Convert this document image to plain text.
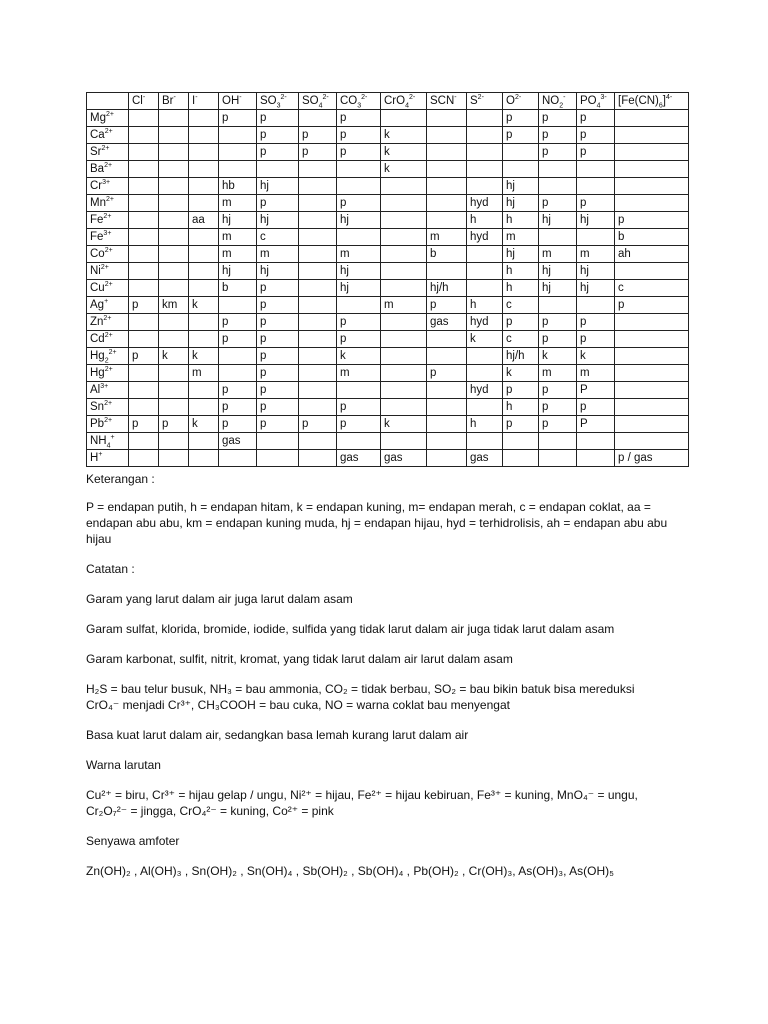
	Cl-	Br-	I-	OH-	$SO_3^{2-}$	$SO_4^{2-}$	$CO_3^{2-}$	CrO$_4^{2-}$	SCN-	$S^{2-}$	$O^{2-}$	$NO_2^-$	$PO_4^{3-}$	$[Fe(CN)_6]^{4-}$
$Mg^{2+}$				p	p		p				p	p	p	
$Ca^{2+}$					p	p	p	k			p	p	p	
$Sr^{2+}$					p	p	p	k				p	p	
$Ba^{2+}$								k						
$Cr^{3+}$				hb	hj						hj			
$Mn^{2+}$				m	p		p			hyd	hj	p	p	
$Fe^{2+}$			aa	hj	hj		hj			h	h	hj	hj	p
$Fe^{3+}$				m	c				m	hyd	m			b
$Co^{2+}$				m	m		m		b		hj	m	m	ah
$Ni^{2+}$				hj	hj		hj				h	hj	hj	
$Cu^{2+}$				b	p		hj		hj/h		h	hj	hj	c
Ag+	p	km	k		p			m	p	h	c			p
$Zn^{2+}$				p	p		p		gas	hyd	p	p	p	
$Cd^{2+}$				p	p		p			k	c	p	p	
$Hg_2^{2+}$	p	k	k		p		k				hj/h	k	k	
$Hg^{2+}$			m		p		m		p		k	m	m	
$Al^{3+}$				p	p					hyd	p	p	P	
$Sn^{2+}$				p	p		p				h	p	p	
$Pb^{2+}$	p	p	k	p	p	p	p	k		h	p	p	P	
$NH_4^+$				gas										
H+							gas	gas		gas				p / gas

Keterangan :

P = endapan putih, h = endapan hitam, k = endapan kuning, m= endapan merah, c = endapan coklat, aa = endapan abu abu, km = endapan kuning muda, hj = endapan hijau, hyd = terhidrolisis, ah = endapan abu abu hijau

Catatan :

Garam yang larut dalam air juga larut dalam asam

Garam sulfat, klorida, bromide, iodide, sulfida yang tidak larut dalam air juga tidak larut dalam asam

Garam karbonat, sulfit, nitrit, kromat, yang tidak larut dalam air larut dalam asam

H₂S = bau telur busuk, NH₃ = bau ammonia, CO₂ = tidak berbau, SO₂ = bau bikin batuk bisa mereduksi
CrO₄⁻ menjadi Cr³⁺, CH₃COOH = bau cuka, NO = warna coklat bau menyengat

Basa kuat larut dalam air, sedangkan basa lemah kurang larut dalam air

Warna larutan

Cu²⁺ = biru, Cr³⁺ = hijau gelap / ungu, Ni²⁺ = hijau, Fe²⁺ = hijau kebiruan, Fe³⁺ = kuning, MnO₄⁻ = ungu,
Cr₂O₇²⁻ = jingga, CrO₄²⁻ = kuning, Co²⁺ = pink

Senyawa amfoter

Zn(OH)₂ , Al(OH)₃ , Sn(OH)₂ , Sn(OH)₄ , Sb(OH)₂ , Sb(OH)₄ , Pb(OH)₂ , Cr(OH)₃, As(OH)₃, As(OH)₅
